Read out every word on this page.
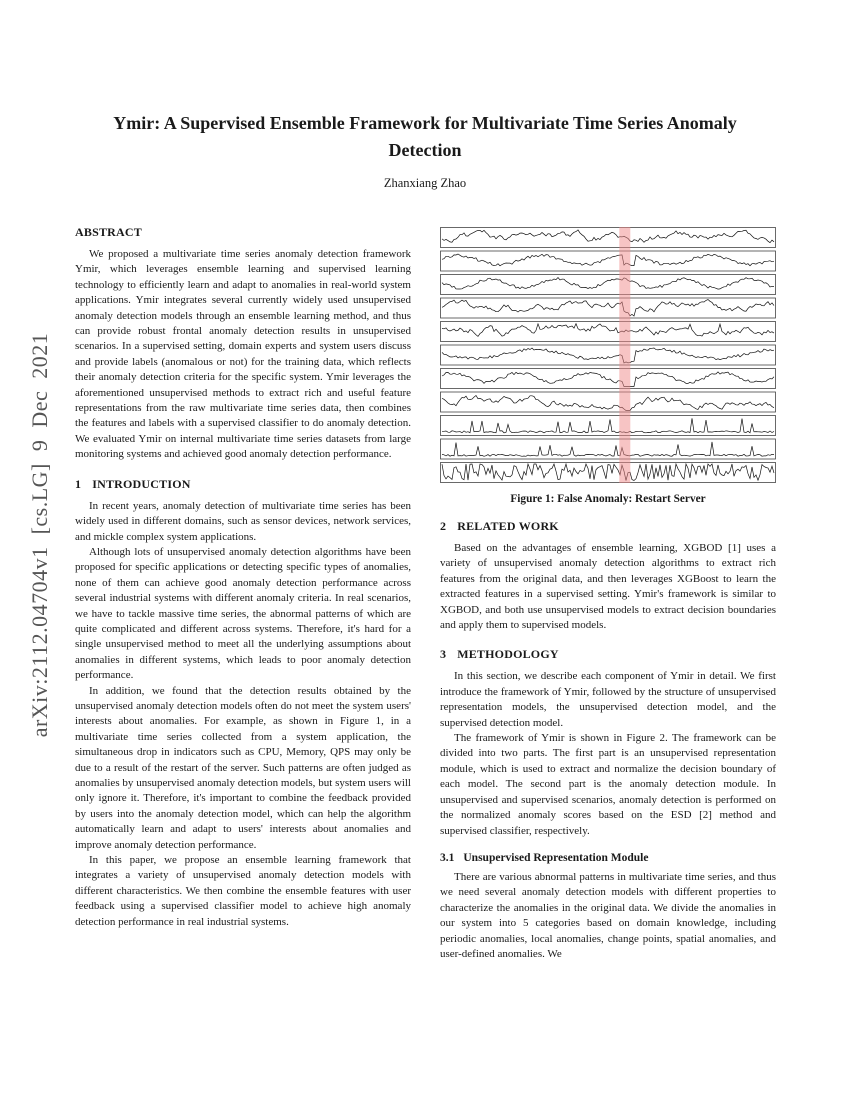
arXiv:2112.04704v1 [cs.LG] 9 Dec 2021
Ymir: A Supervised Ensemble Framework for Multivariate Time Series Anomaly Detection
Zhanxiang Zhao
ABSTRACT

We proposed a multivariate time series anomaly detection framework Ymir, which leverages ensemble learning and supervised learning technology to efficiently learn and adapt to anomalies in real-world system applications. Ymir integrates several currently widely used unsupervised anomaly detection models through an ensemble learning method, and thus can provide robust frontal anomaly detection results in unsupervised scenarios. In a supervised setting, domain experts and system users discuss and provide labels (anomalous or not) for the training data, which reflects their anomaly detection criteria for the specific system. Ymir leverages the aforementioned unsupervised methods to extract rich and useful feature representations from the raw multivariate time series data, then combines the features and labels with a supervised classifier to do anomaly detection. We evaluated Ymir on internal multivariate time series datasets from large monitoring systems and achieved good anomaly detection performance.

1 INTRODUCTION

In recent years, anomaly detection of multivariate time series has been widely used in different domains, such as sensor devices, network services, and mickle complex system applications.

Although lots of unsupervised anomaly detection algorithms have been proposed for specific applications or detecting specific types of anomalies, none of them can achieve good anomaly detection performance across several industrial systems with different anomaly criteria. In real scenarios, we have to tackle massive time series, the abnormal patterns of which are quite complicated and different across systems. Therefore, it's hard for a single unsupervised method to meet all the underlying assumptions about anomalies in different systems, which leads to poor anomaly detection performance.

In addition, we found that the detection results obtained by the unsupervised anomaly detection models often do not meet the system users' interests about anomalies. For example, as shown in Figure 1, in a multivariate time series collected from a system application, the simultaneous drop in indicators such as CPU, Memory, QPS may only be due to a result of the restart of the server. Such patterns are often judged as anomalies by unsupervised anomaly detection models, but system users will only ignore it. Therefore, it's important to combine the feedback provided by users into the anomaly detection model, which can help the algorithm automatically learn and adapt to users' interests about anomalies and improve anomaly detection performance.

In this paper, we propose an ensemble learning framework that integrates a variety of unsupervised anomaly detection models with different characteristics. We then combine the ensemble features with user feedback using a supervised classifier model to achieve high anomaly detection performance in real industrial systems.

Figure 1: False Anomaly: Restart Server
2 RELATED WORK

Based on the advantages of ensemble learning, XGBOD [1] uses a variety of unsupervised anomaly detection algorithms to extract rich features from the original data, and then leverages XGBoost to learn the extracted features in a supervised setting. Ymir's framework is similar to XGBOD, and both use unsupervised models to extract decision boundaries and apply them to supervised models.

3 METHODOLOGY

In this section, we describe each component of Ymir in detail. We first introduce the framework of Ymir, followed by the structure of unsupervised representation models, the unsupervised detection model, and the supervised detection model.

The framework of Ymir is shown in Figure 2. The framework can be divided into two parts. The first part is an unsupervised representation module, which is used to extract and normalize the decision boundary of each model. The second part is the anomaly detection module. In unsupervised and supervised scenarios, anomaly detection is performed on the normalized anomaly scores based on the ESD [2] method and supervised classifier, respectively.

3.1 Unsupervised Representation Module

There are various abnormal patterns in multivariate time series, and thus we need several anomaly detection models with different properties to characterize the anomalies in the original data. We divide the anomalies in our system into 5 categories based on domain knowledge, including periodic anomalies, local anomalies, change points, spatial anomalies, and user-defined anomalies. We
